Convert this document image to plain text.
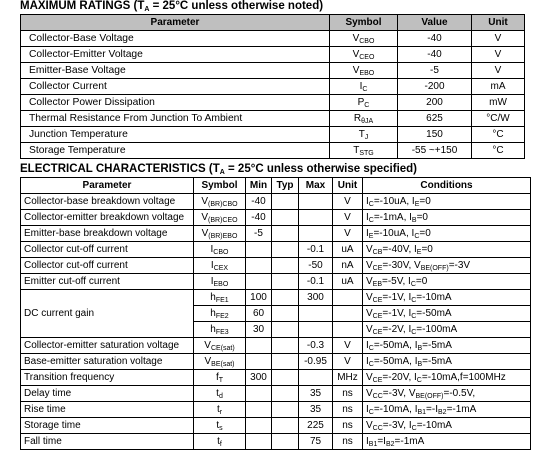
MAXIMUM RATINGS ($T_A = 25^\circ C$ unless otherwise noted)
Parameter	Symbol	Value	Unit
Collector-Base Voltage	$V_{CBO}$	-40	V
Collector-Emitter Voltage	$V_{CEO}$	-40	V
Emitter-Base Voltage	$V_{EBO}$	-5	V
Collector Current	$I_C$	-200	mA
Collector Power Dissipation	$P_C$	200	mW
Thermal Resistance From Junction To Ambient	$R_{\theta JA}$	625	°C/W
Junction Temperature	$T_J$	150	°C
Storage Temperature	$T_{STG}$	-55 ~+150	°C
ELECTRICAL CHARACTERISTICS ($T_A = 25^\circ C$ unless otherwise specified)
Parameter	Symbol	Min	Typ	Max	Unit	Conditions
Collector-base breakdown voltage	$V_{(BR)CBO}$	-40			V	$I_C=-10uA$, $I_E=0$
Collector-emitter breakdown voltage	$V_{(BR)CEO}$	-40			V	$I_C=-1mA$, $I_B=0$
Emitter-base breakdown voltage	$V_{(BR)EBO}$	-5			V	$I_E=-10uA$, $I_C=0$
Collector cut-off current	$I_{CBO}$			-0.1	uA	$V_{CB}=-40V$, $I_E=0$
Collector cut-off current	$I_{CEX}$			-50	nA	$V_{CE}=-30V$, $V_{BE(OFF)}=-3V$
Emitter cut-off current	$I_{EBO}$			-0.1	uA	$V_{EB}=-5V$, $I_C=0$
DC current gain	$h_{FE1}$	100		300		$V_{CE}=-1V$, $I_C=-10mA$
	$h_{FE2}$	60				$V_{CE}=-1V$, $I_C=-50mA$
	$h_{FE3}$	30				$V_{CE}=-2V$, $I_C=-100mA$
Collector-emitter saturation voltage	$V_{CE(sat)}$			-0.3	V	$I_C=-50mA$, $I_B=-5mA$
Base-emitter saturation voltage	$V_{BE(sat)}$			-0.95	V	$I_C=-50mA$, $I_B=-5mA$
Transition frequency	$f_T$	300			MHz	$V_{CE}=-20V$, $I_C=-10mA,f=100MHz$
Delay time	$t_d$			35	ns	$V_{CC}=-3V$, $V_{BE(OFF)}=-0.5V$,
Rise time	$t_r$			35	ns	$I_C=-10mA$, $I_{B1}=-I_{B2}=-1mA$
Storage time	$t_s$			225	ns	$V_{CC}=-3V$, $I_C=-10mA$
Fall time	$t_f$			75	ns	$I_{B1}=I_{B2}=-1mA$
